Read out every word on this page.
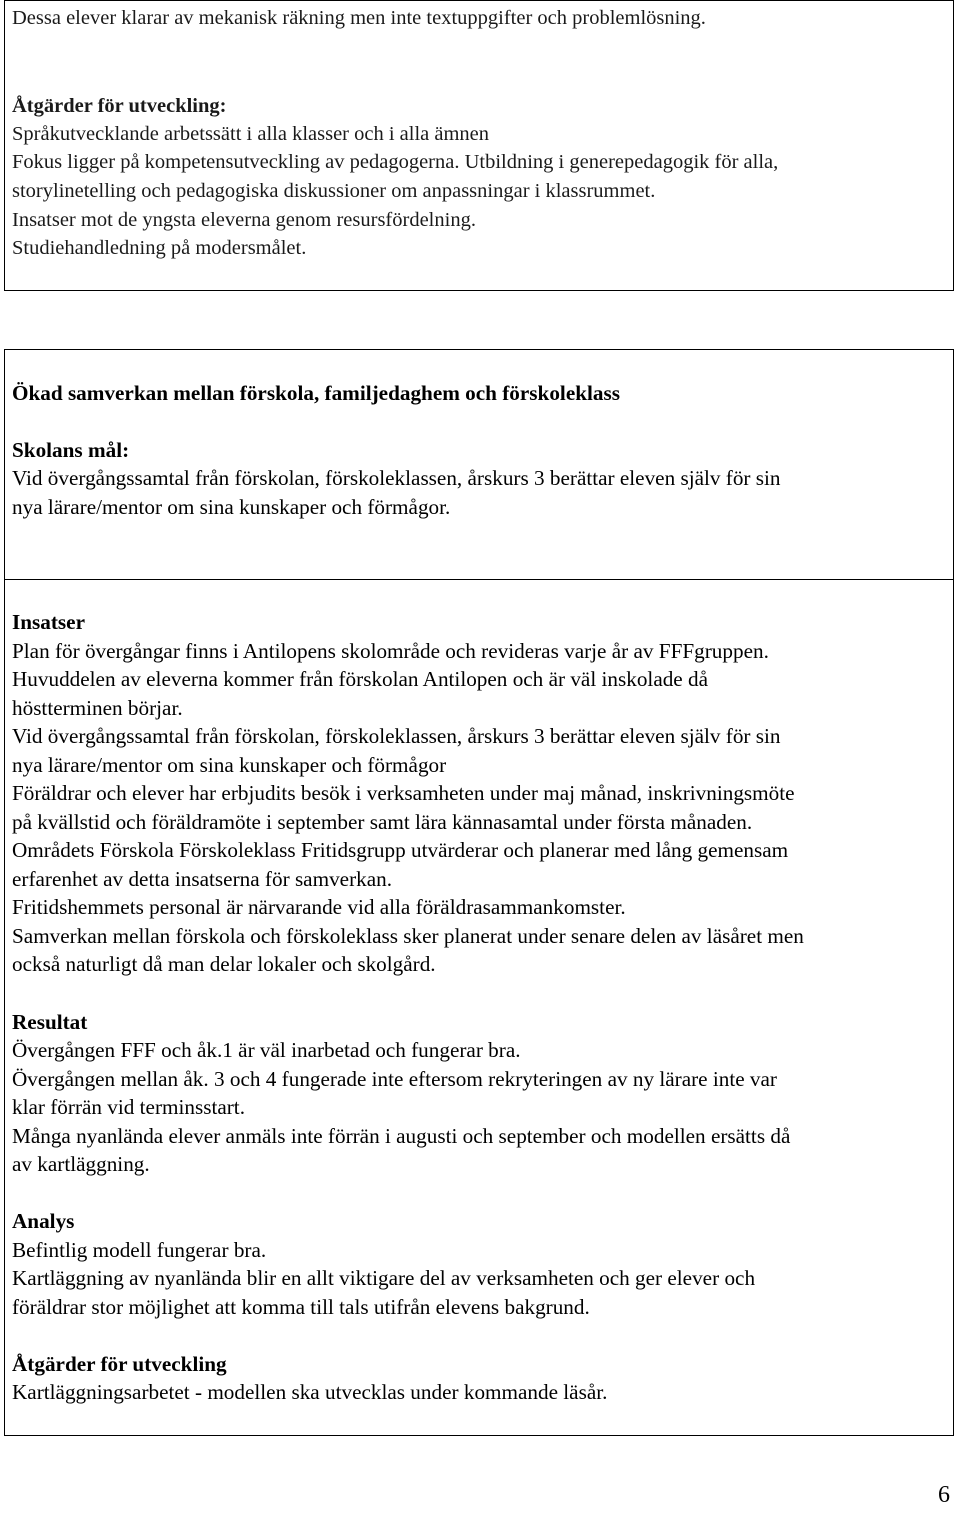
Dessa elever klarar av mekanisk räkning men inte textuppgifter och problemlösning.
Åtgärder för utveckling:
Språkutvecklande arbetssätt i alla klasser och i alla ämnen
Fokus ligger på kompetensutveckling av pedagogerna. Utbildning i generepedagogik för alla,
storylinetelling och pedagogiska diskussioner om anpassningar i klassrummet.
Insatser mot de yngsta eleverna genom resursfördelning.
Studiehandledning på modersmålet.
Ökad samverkan mellan förskola, familjedaghem och förskoleklass
Skolans mål:
Vid övergångssamtal från förskolan, förskoleklassen, årskurs 3 berättar eleven själv för sin
nya lärare/mentor om sina kunskaper och förmågor.
Insatser
Plan för övergångar finns i Antilopens skolområde och revideras varje år av FFFgruppen.
Huvuddelen av eleverna kommer från förskolan Antilopen och är väl inskolade då
höstterminen börjar.
Vid övergångssamtal från förskolan, förskoleklassen, årskurs 3 berättar eleven själv för sin
nya lärare/mentor om sina kunskaper och förmågor
Föräldrar och elever har erbjudits besök i verksamheten under maj månad, inskrivningsmöte
på kvällstid och föräldramöte i september samt lära kännasamtal under första månaden.
Områdets Förskola Förskoleklass Fritidsgrupp utvärderar och planerar med lång gemensam
erfarenhet av detta insatserna för samverkan.
Fritidshemmets personal är närvarande vid alla föräldrasammankomster.
Samverkan mellan förskola och förskoleklass sker planerat under senare delen av läsåret men
också naturligt då man delar lokaler och skolgård.
Resultat
Övergången FFF och åk.1 är väl inarbetad och fungerar bra.
Övergången mellan åk. 3 och 4 fungerade inte eftersom rekryteringen av ny lärare inte var
klar förrän vid terminsstart.
Många nyanlända elever anmäls inte förrän i augusti och september och modellen ersätts då
av kartläggning.
Analys
Befintlig modell fungerar bra.
Kartläggning av nyanlända blir en allt viktigare del av verksamheten och ger elever och
föräldrar stor möjlighet att komma till tals utifrån elevens bakgrund.
Åtgärder för utveckling
Kartläggningsarbetet - modellen ska utvecklas under kommande läsår.
6
